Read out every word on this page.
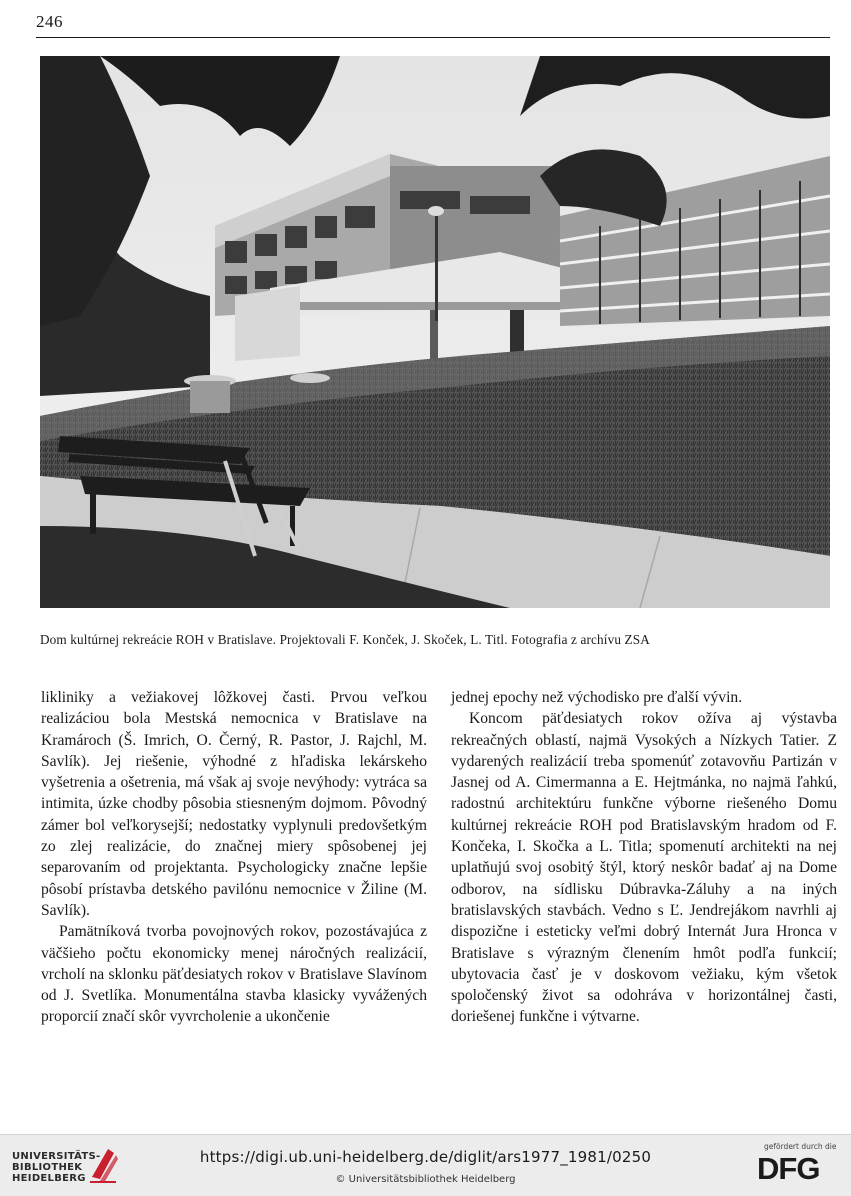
246
Dom kultúrnej rekreácie ROH v Bratislave. Projektovali F. Konček, J. Skoček, L. Titl. Fotografia z archívu ZSA

likliniky a vežiakovej lôžkovej časti. Prvou veľkou realizáciou bola Mestská nemocnica v Bratislave na Kramároch (Š. Imrich, O. Černý, R. Pastor, J. Rajchl, M. Savlík). Jej riešenie, výhodné z hľadiska lekárskeho vyšetrenia a ošetrenia, má však aj svoje nevýhody: vytráca sa intimita, úzke chodby pôsobia stiesneným dojmom. Pôvodný zámer bol veľkorysejší; nedostatky vyplynuli predovšetkým zo zlej realizácie, do značnej miery spôsobenej jej separovaním od projektanta. Psychologicky značne lepšie pôsobí prístavba detského pavilónu nemocnice v Žiline (M. Savlík).

Pamätníková tvorba povojnových rokov, pozostávajúca z väčšieho počtu ekonomicky menej náročných realizácií, vrcholí na sklonku päťdesiatych rokov v Bratislave Slavínom od J. Svetlíka. Monumentálna stavba klasicky vyvážených proporcií značí skôr vyvrcholenie a ukončenie

jednej epochy než východisko pre ďalší vývin.

Koncom päťdesiatych rokov ožíva aj výstavba rekreačných oblastí, najmä Vysokých a Nízkych Tatier. Z vydarených realizácií treba spomenúť zotavovňu Partizán v Jasnej od A. Cimermanna a E. Hejtmánka, no najmä ľahkú, radostnú architektúru funkčne výborne riešeného Domu kultúrnej rekreácie ROH pod Bratislavským hradom od F. Končeka, I. Skočka a L. Titla; spomenutí architekti na nej uplatňujú svoj osobitý štýl, ktorý neskôr badať aj na Dome odborov, na sídlisku Dúbravka-Záluhy a na iných bratislavských stavbách. Vedno s Ľ. Jendrejákom navrhli aj dispozične i esteticky veľmi dobrý Internát Jura Hronca v Bratislave s výrazným členením hmôt podľa funkcií; ubytovacia časť je v doskovom vežiaku, kým všetok spoločenský život sa odohráva v horizontálnej časti, doriešenej funkčne i výtvarne.

UNIVERSITÄTS-
BIBLIOTHEK
HEIDELBERG
https://digi.ub.uni-heidelberg.de/diglit/ars1977_1981/0250
© Universitätsbibliothek Heidelberg
gefördert durch die
DFG
